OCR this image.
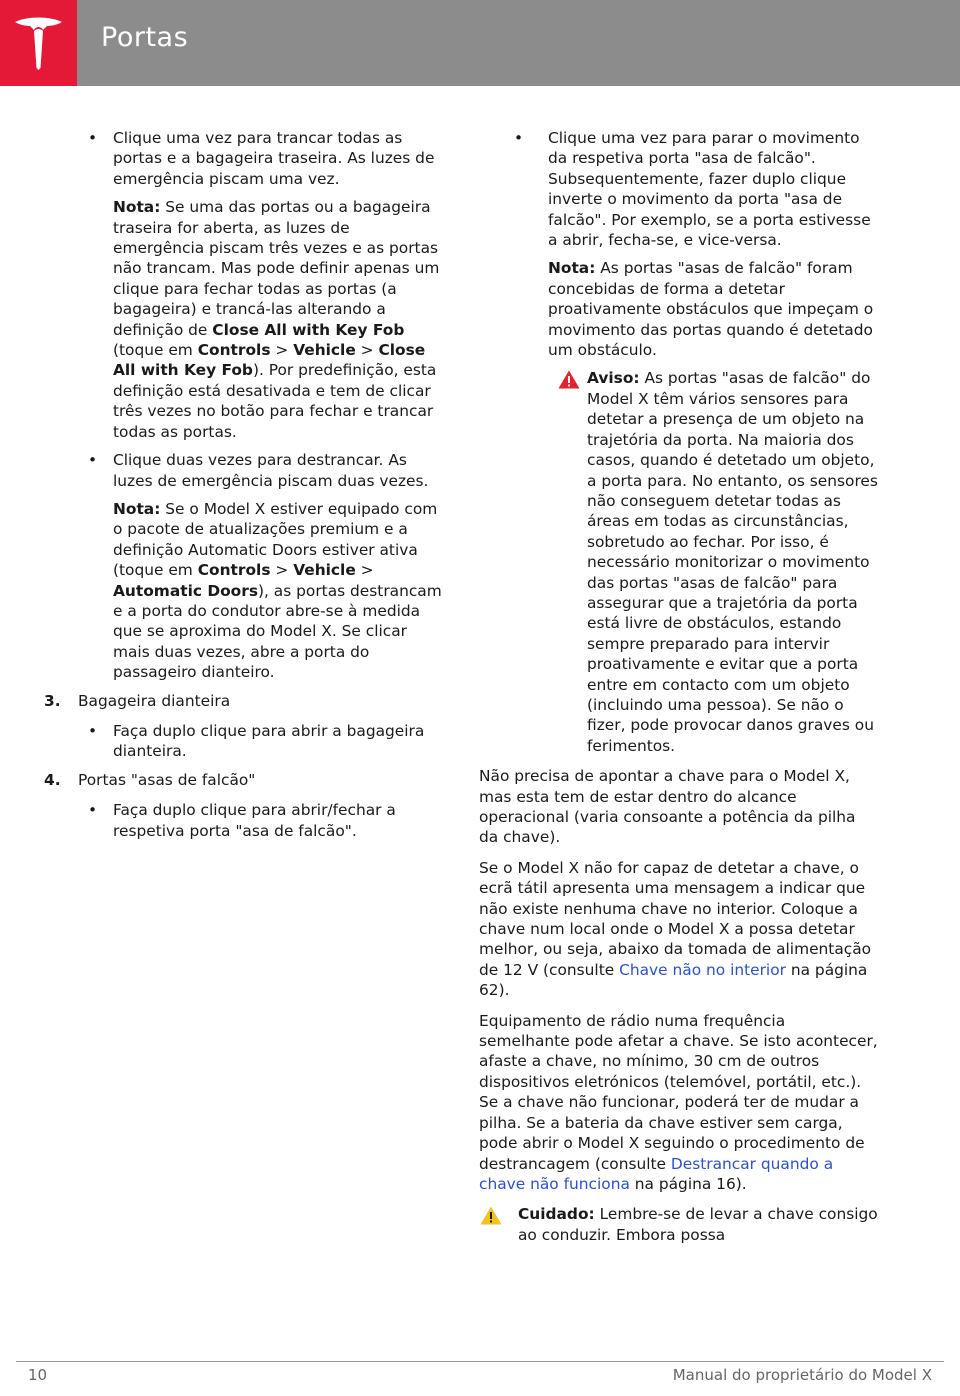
Portas
• Clique uma vez para trancar todas as portas e a bagageira traseira. As luzes de emergência piscam uma vez.
Nota: Se uma das portas ou a bagageira traseira for aberta, as luzes de emergência piscam três vezes e as portas não trancam. Mas pode definir apenas um clique para fechar todas as portas (a bagageira) e trancá-las alterando a definição de Close All with Key Fob (toque em Controls > Vehicle > Close All with Key Fob). Por predefinição, esta definição está desativada e tem de clicar três vezes no botão para fechar e trancar todas as portas.
• Clique duas vezes para destrancar. As luzes de emergência piscam duas vezes.
Nota: Se o Model X estiver equipado com o pacote de atualizações premium e a definição Automatic Doors estiver ativa (toque em Controls > Vehicle > Automatic Doors), as portas destrancam e a porta do condutor abre-se à medida que se aproxima do Model X. Se clicar mais duas vezes, abre a porta do passageiro dianteiro.
3. Bagageira dianteira
• Faça duplo clique para abrir a bagageira dianteira.
4. Portas "asas de falcão"
• Faça duplo clique para abrir/fechar a respetiva porta "asa de falcão".
• Clique uma vez para parar o movimento da respetiva porta "asa de falcão". Subsequentemente, fazer duplo clique inverte o movimento da porta "asa de falcão". Por exemplo, se a porta estivesse a abrir, fecha-se, e vice-versa.
Nota: As portas "asas de falcão" foram concebidas de forma a detetar proativamente obstáculos que impeçam o movimento das portas quando é detetado um obstáculo.
Aviso: As portas "asas de falcão" do Model X têm vários sensores para detetar a presença de um objeto na trajetória da porta. Na maioria dos casos, quando é detetado um objeto, a porta para. No entanto, os sensores não conseguem detetar todas as áreas em todas as circunstâncias, sobretudo ao fechar. Por isso, é necessário monitorizar o movimento das portas "asas de falcão" para assegurar que a trajetória da porta está livre de obstáculos, estando sempre preparado para intervir proativamente e evitar que a porta entre em contacto com um objeto (incluindo uma pessoa). Se não o fizer, pode provocar danos graves ou ferimentos.
Não precisa de apontar a chave para o Model X, mas esta tem de estar dentro do alcance operacional (varia consoante a potência da pilha da chave).
Se o Model X não for capaz de detetar a chave, o ecrã tátil apresenta uma mensagem a indicar que não existe nenhuma chave no interior. Coloque a chave num local onde o Model X a possa detetar melhor, ou seja, abaixo da tomada de alimentação de 12 V (consulte Chave não no interior na página 62).
Equipamento de rádio numa frequência semelhante pode afetar a chave. Se isto acontecer, afaste a chave, no mínimo, 30 cm de outros dispositivos eletrónicos (telemóvel, portátil, etc.). Se a chave não funcionar, poderá ter de mudar a pilha. Se a bateria da chave estiver sem carga, pode abrir o Model X seguindo o procedimento de destrancagem (consulte Destrancar quando a chave não funciona na página 16).
Cuidado: Lembre-se de levar a chave consigo ao conduzir. Embora possa
10	Manual do proprietário do Model X
